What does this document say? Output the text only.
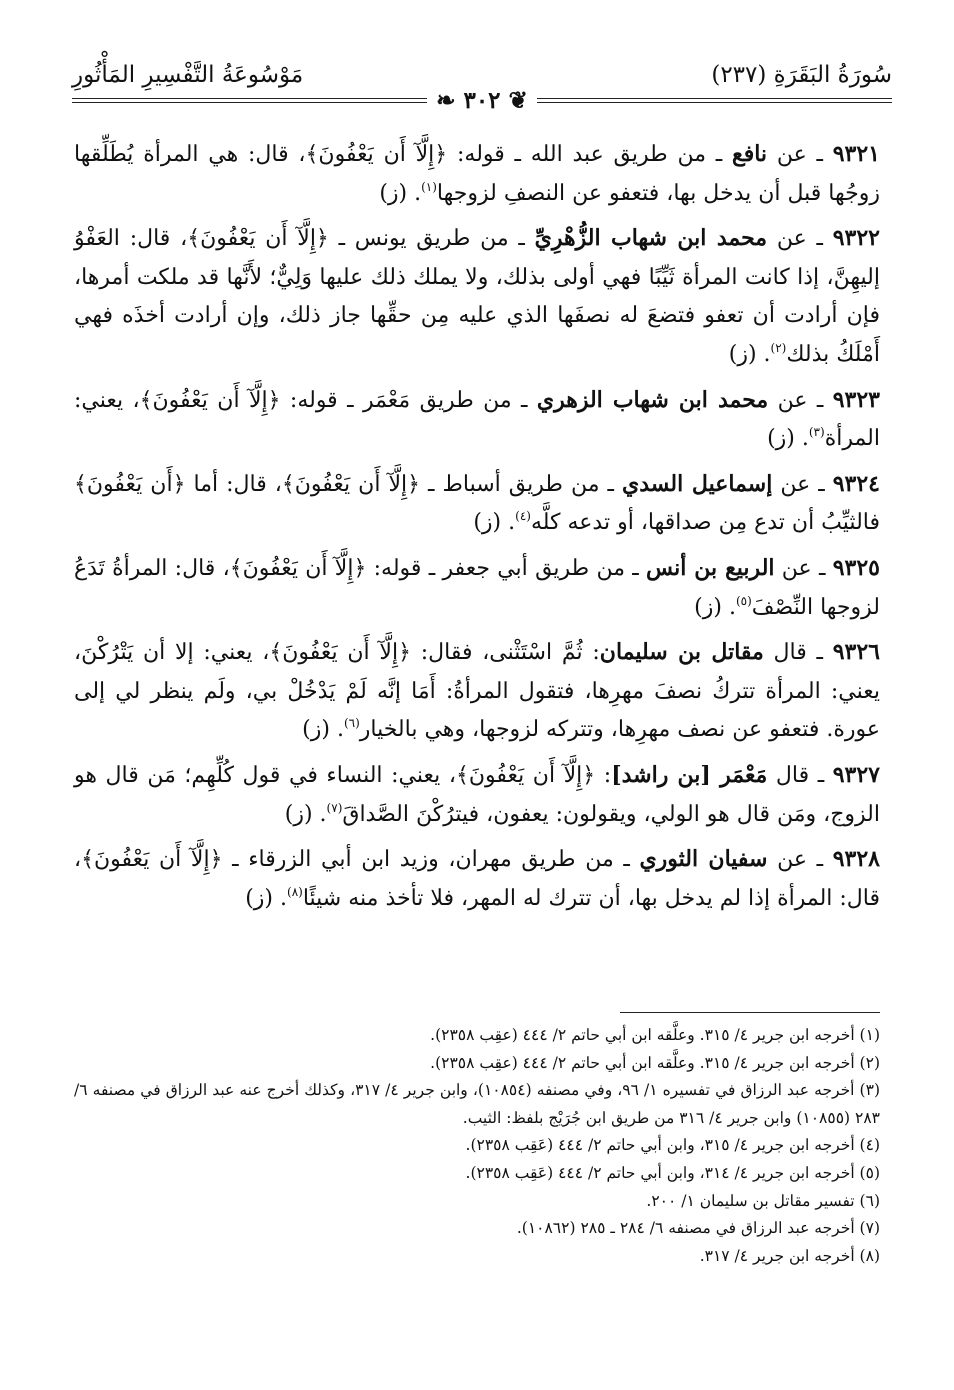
سُورَةُ البَقَرَةِ (٢٣٧)
مَوْسُوعَةُ التَّفْسِيرِ المَأْثُورِ
❦ ٣٠٢ ❧

٩٣٢١ ـ عن نافع ـ من طريق عبد الله ـ قوله: ﴿إِلَّآ أَن يَعْفُونَ﴾، قال: هي المرأة يُطَلِّقها زوجُها قبل أن يدخل بها، فتعفو عن النصفِ لزوجها$^{(١)}$. (ز)

٩٣٢٢ ـ عن محمد ابن شهاب الزُّهْرِيِّ ـ من طريق يونس ـ ﴿إِلَّآ أَن يَعْفُونَ﴾، قال: العَفْوُ إليهِنَّ، إذا كانت المرأة ثَيِّبًا فهي أولى بذلك، ولا يملك ذلك عليها وَلِيٌّ؛ لأَنَّها قد ملكت أمرها، فإن أرادت أن تعفو فتضعَ له نصفَها الذي عليه مِن حقِّها جاز ذلك، وإن أرادت أخذَه فهي أَمْلَكُ بذلك$^{(٢)}$. (ز)

٩٣٢٣ ـ عن محمد ابن شهاب الزهري ـ من طريق مَعْمَر ـ قوله: ﴿إِلَّآ أَن يَعْفُونَ﴾، يعني: المرأة$^{(٣)}$. (ز)

٩٣٢٤ ـ عن إسماعيل السدي ـ من طريق أسباط ـ ﴿إِلَّآ أَن يَعْفُونَ﴾، قال: أما ﴿أَن يَعْفُونَ﴾ فالثيِّبُ أن تدع مِن صداقها، أو تدعه كلَّه$^{(٤)}$. (ز)

٩٣٢٥ ـ عن الربيع بن أنس ـ من طريق أبي جعفر ـ قوله: ﴿إِلَّآ أَن يَعْفُونَ﴾، قال: المرأةُ تَدَعُ لزوجها النِّصْفَ$^{(٥)}$. (ز)

٩٣٢٦ ـ قال مقاتل بن سليمان: ثُمَّ اسْتَثْنى، فقال: ﴿إِلَّآ أَن يَعْفُونَ﴾، يعني: إلا أن يَتْرُكْنَ، يعني: المرأة تتركُ نصفَ مهرِها، فتقول المرأةُ: أَمَا إنَّه لَمْ يَدْخُلْ بي، ولَم ينظر لي إلى عورة. فتعفو عن نصف مهرِها، وتتركه لزوجها، وهي بالخيار$^{(٦)}$. (ز)

٩٣٢٧ ـ قال مَعْمَر [بن راشد]: ﴿إِلَّآ أَن يَعْفُونَ﴾، يعني: النساء في قول كُلِّهِم؛ مَن قال هو الزوج، ومَن قال هو الولي، ويقولون: يعفون، فيترُكْنَ الصَّداقَ$^{(٧)}$. (ز)

٩٣٢٨ ـ عن سفيان الثوري ـ من طريق مهران، وزيد ابن أبي الزرقاء ـ ﴿إِلَّآ أَن يَعْفُونَ﴾، قال: المرأة إذا لم يدخل بها، أن تترك له المهر، فلا تأخذ منه شيئًا$^{(٨)}$. (ز)

(١) أخرجه ابن جرير ٤/ ٣١٥. وعلَّقه ابن أبي حاتم ٢/ ٤٤٤ (عقِب ٢٣٥٨).

(٢) أخرجه ابن جرير ٤/ ٣١٥. وعلَّقه ابن أبي حاتم ٢/ ٤٤٤ (عقِب ٢٣٥٨).

(٣) أخرجه عبد الرزاق في تفسيره ١/ ٩٦، وفي مصنفه (١٠٨٥٤)، وابن جرير ٤/ ٣١٧، وكذلك أخرج عنه عبد الرزاق في مصنفه ٦/ ٢٨٣ (١٠٨٥٥) وابن جرير ٤/ ٣١٦ من طريق ابن جُرَيْج بلفظ: الثيب.

(٤) أخرجه ابن جرير ٤/ ٣١٥، وابن أبي حاتم ٢/ ٤٤٤ (عَقِب ٢٣٥٨).

(٥) أخرجه ابن جرير ٤/ ٣١٤، وابن أبي حاتم ٢/ ٤٤٤ (عَقِب ٢٣٥٨).

(٦) تفسير مقاتل بن سليمان ١/ ٢٠٠.

(٧) أخرجه عبد الرزاق في مصنفه ٦/ ٢٨٤ ـ ٢٨٥ (١٠٨٦٢).

(٨) أخرجه ابن جرير ٤/ ٣١٧.
